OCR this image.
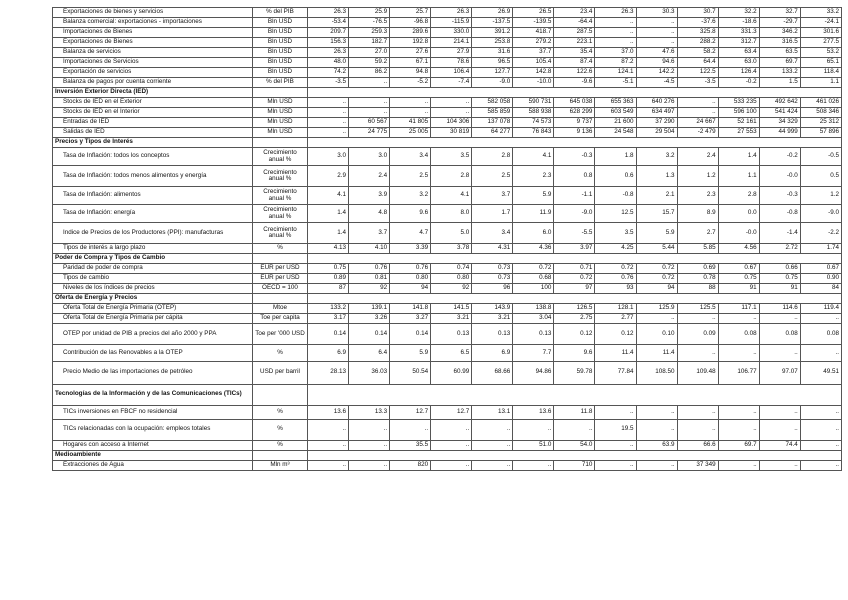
Exportaciones de bienes y servicios	% del PIB	26.3	25.9	25.7	26.3	26.9	26.5	23.4	26.3	30.3	30.7	32.2	32.7	33.2
Balanza comercial: exportaciones - importaciones	Bln USD	-53.4	-76.5	-96.8	-115.9	-137.5	-139.5	-64.4	..	..	-37.6	-18.6	-29.7	-24.1
Importaciones de Bienes	Bln USD	209.7	259.3	289.6	330.0	391.2	418.7	287.5	..	..	325.8	331.3	346.2	301.6
Exportaciones de Bienes	Bln USD	156.3	182.7	192.8	214.1	253.8	279.2	223.1	..	..	288.2	312.7	316.5	277.5
Balanza de servicios	Bln USD	26.3	27.0	27.6	27.9	31.6	37.7	35.4	37.0	47.6	58.2	63.4	63.5	53.2
Importaciones de Servicios	Bln USD	48.0	59.2	67.1	78.6	96.5	105.4	87.4	87.2	94.6	64.4	63.0	69.7	65.1
Exportación de servicios	Bln USD	74.2	86.2	94.8	106.4	127.7	142.8	122.6	124.1	142.2	122.5	126.4	133.2	118.4
Balanza de pagos por cuenta corriente	% del PIB	-3.5	..	-5.2	-7.4	-9.0	-10.0	-9.6	-5.1	-4.5	-3.5	-0.2	1.5	1.1
Inversión Exterior Directa (IED)														
Stocks de IED en el Exterior	Mln USD	..	..	..	..	582 058	590 731	645 038	655 363	640 276	..	533 235	492 642	461 026
Stocks de IED en el Interior	Mln USD	..	..	..	..	585 859	588 938	628 299	603 549	634 497	..	596 100	541 424	508 346
Entradas de IED	Mln USD	..	60 567	41 805	104 306	137 078	74 573	9 737	21 600	37 290	24 667	52 161	34 329	25 312
Salidas de IED	Mln USD	..	24 775	25 005	30 819	64 277	76 843	9 136	24 548	29 504	-2 479	27 553	44 999	57 896
Precios y Tipos de Interés														
Tasa de Inflación: todos los conceptos	Crecimiento anual %	3.0	3.0	3.4	3.5	2.8	4.1	-0.3	1.8	3.2	2.4	1.4	-0.2	-0.5
Tasa de Inflación: todos menos alimentos y energía	Crecimiento anual %	2.9	2.4	2.5	2.8	2.5	2.3	0.8	0.6	1.3	1.2	1.1	-0.0	0.5
Tasa de Inflación: alimentos	Crecimiento anual %	4.1	3.9	3.2	4.1	3.7	5.9	-1.1	-0.8	2.1	2.3	2.8	-0.3	1.2
Tasa de Inflación: energía	Crecimiento anual %	1.4	4.8	9.6	8.0	1.7	11.9	-9.0	12.5	15.7	8.9	0.0	-0.8	-9.0
Indice de Precios de los Productores (PPI): manufacturas	Crecimiento anual %	1.4	3.7	4.7	5.0	3.4	6.0	-5.5	3.5	5.9	2.7	-0.0	-1.4	-2.2
Tipos de interés a largo plazo	%	4.13	4.10	3.39	3.78	4.31	4.36	3.97	4.25	5.44	5.85	4.56	2.72	1.74
Poder de Compra y Tipos de Cambio														
Paridad de poder de compra	EUR per USD	0.75	0.76	0.76	0.74	0.73	0.72	0.71	0.72	0.72	0.69	0.67	0.66	0.67
Tipos de cambio	EUR per USD	0.89	0.81	0.80	0.80	0.73	0.68	0.72	0.76	0.72	0.78	0.75	0.75	0.90
Niveles de los índices de precios	OECD = 100	87	92	94	92	96	100	97	93	94	88	91	91	84
Oferta de Energía y Precios														
Oferta Total de Energía Primaria (OTEP)	Mtoe	133.2	139.1	141.8	141.5	143.9	138.8	126.5	128.1	125.9	125.5	117.1	114.6	119.4
Oferta Total de Energía Primaria per cápita	Toe per capita	3.17	3.26	3.27	3.21	3.21	3.04	2.75	2.77	..	..	..	..	..
OTEP por unidad de PIB a precios del año 2000 y PPA	Toe per '000 USD	0.14	0.14	0.14	0.13	0.13	0.13	0.12	0.12	0.10	0.09	0.08	0.08	0.08
Contribución de las Renovables a la OTEP	%	6.9	6.4	5.9	6.5	6.9	7.7	9.6	11.4	11.4	..	..	..	..
Precio Medio de las importaciones de petróleo	USD per barril	28.13	36.03	50.54	60.99	68.66	94.86	59.78	77.84	108.50	109.48	106.77	97.07	49.51
Tecnologías de la Información y de las Comunicaciones (TICs)														
TICs inversiones en FBCF no residencial	%	13.6	13.3	12.7	12.7	13.1	13.6	11.8	..	..	..	..	..	..
TICs relacionadas con la ocupación: empleos totales	%	..	..	..	..	..	..	..	19.5	..	..	..	..	..
Hogares con acceso a Internet	%	..	..	35.5	..	..	51.0	54.0	..	63.9	66.6	69.7	74.4	..
Medioambiente														
Extracciones de Agua	Mln m³	..	..	820	..	..	..	710	..	..	37 349	..	..	..
